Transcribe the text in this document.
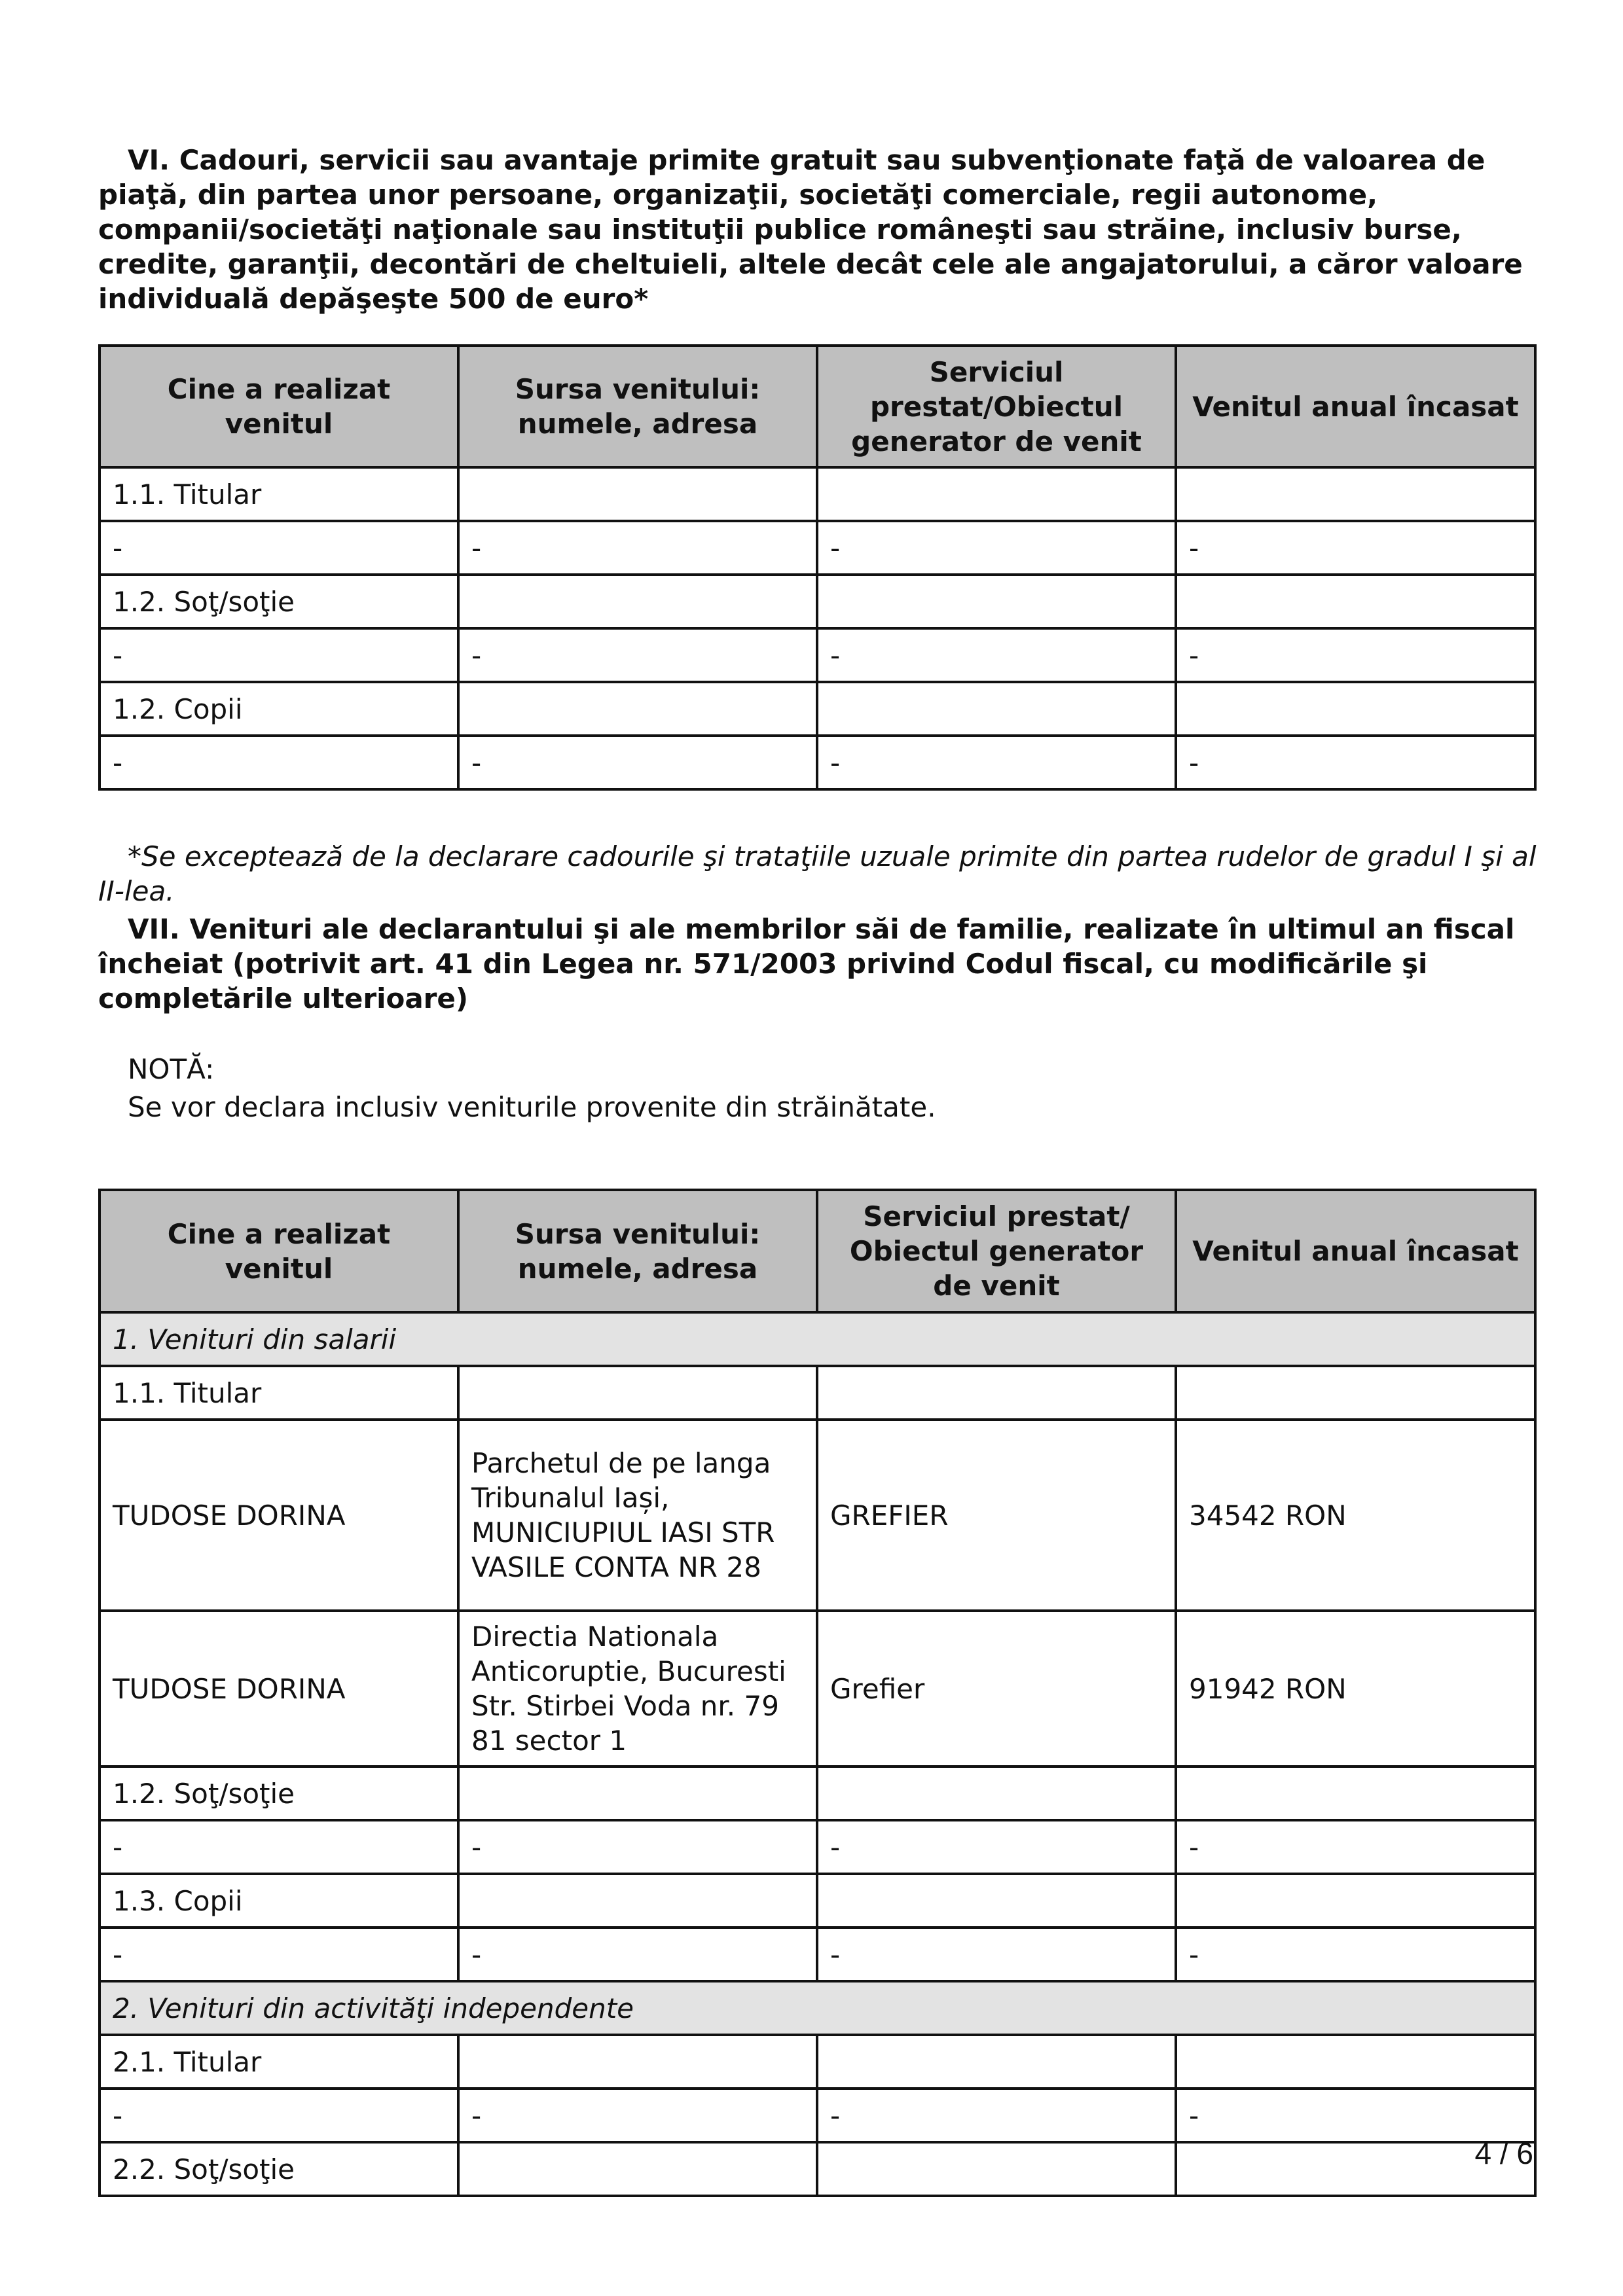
VI. Cadouri, servicii sau avantaje primite gratuit sau subvenţionate faţă de valoarea de piaţă, din partea unor persoane, organizaţii, societăţi comerciale, regii autonome, companii/societăţi naţionale sau instituţii publice româneşti sau străine, inclusiv burse, credite, garanţii, decontări de cheltuieli, altele decât cele ale angajatorului, a căror valoare individuală depăşeşte 500 de euro*
Cine a realizat venitul	Sursa venitului: numele, adresa	Serviciul prestat/Obiectul generator de venit	Venitul anual încasat
1.1. Titular			
-	-	-	-
1.2. Soţ/soţie			
-	-	-	-
1.2. Copii			
-	-	-	-
*Se exceptează de la declarare cadourile şi trataţiile uzuale primite din partea rudelor de gradul I şi al II-lea.
VII. Venituri ale declarantului şi ale membrilor săi de familie, realizate în ultimul an fiscal încheiat (potrivit art. 41 din Legea nr. 571/2003 privind Codul fiscal, cu modificările şi completările ulterioare)
NOTĂ:
Se vor declara inclusiv veniturile provenite din străinătate.
Cine a realizat venitul	Sursa venitului: numele, adresa	Serviciul prestat/ Obiectul generator de venit	Venitul anual încasat
1. Venituri din salarii			
1.1. Titular			
TUDOSE DORINA	Parchetul de pe langa Tribunalul Iași, MUNICIUPIUL IASI STR VASILE CONTA NR 28	GREFIER	34542 RON
TUDOSE DORINA	Directia Nationala Anticoruptie, Bucuresti Str. Stirbei Voda nr. 79 81 sector 1	Grefier	91942 RON
1.2. Soţ/soţie			
-	-	-	-
1.3. Copii			
-	-	-	-
2. Venituri din activităţi independente			
2.1. Titular			
-	-	-	-
2.2. Soţ/soţie				4 / 6
